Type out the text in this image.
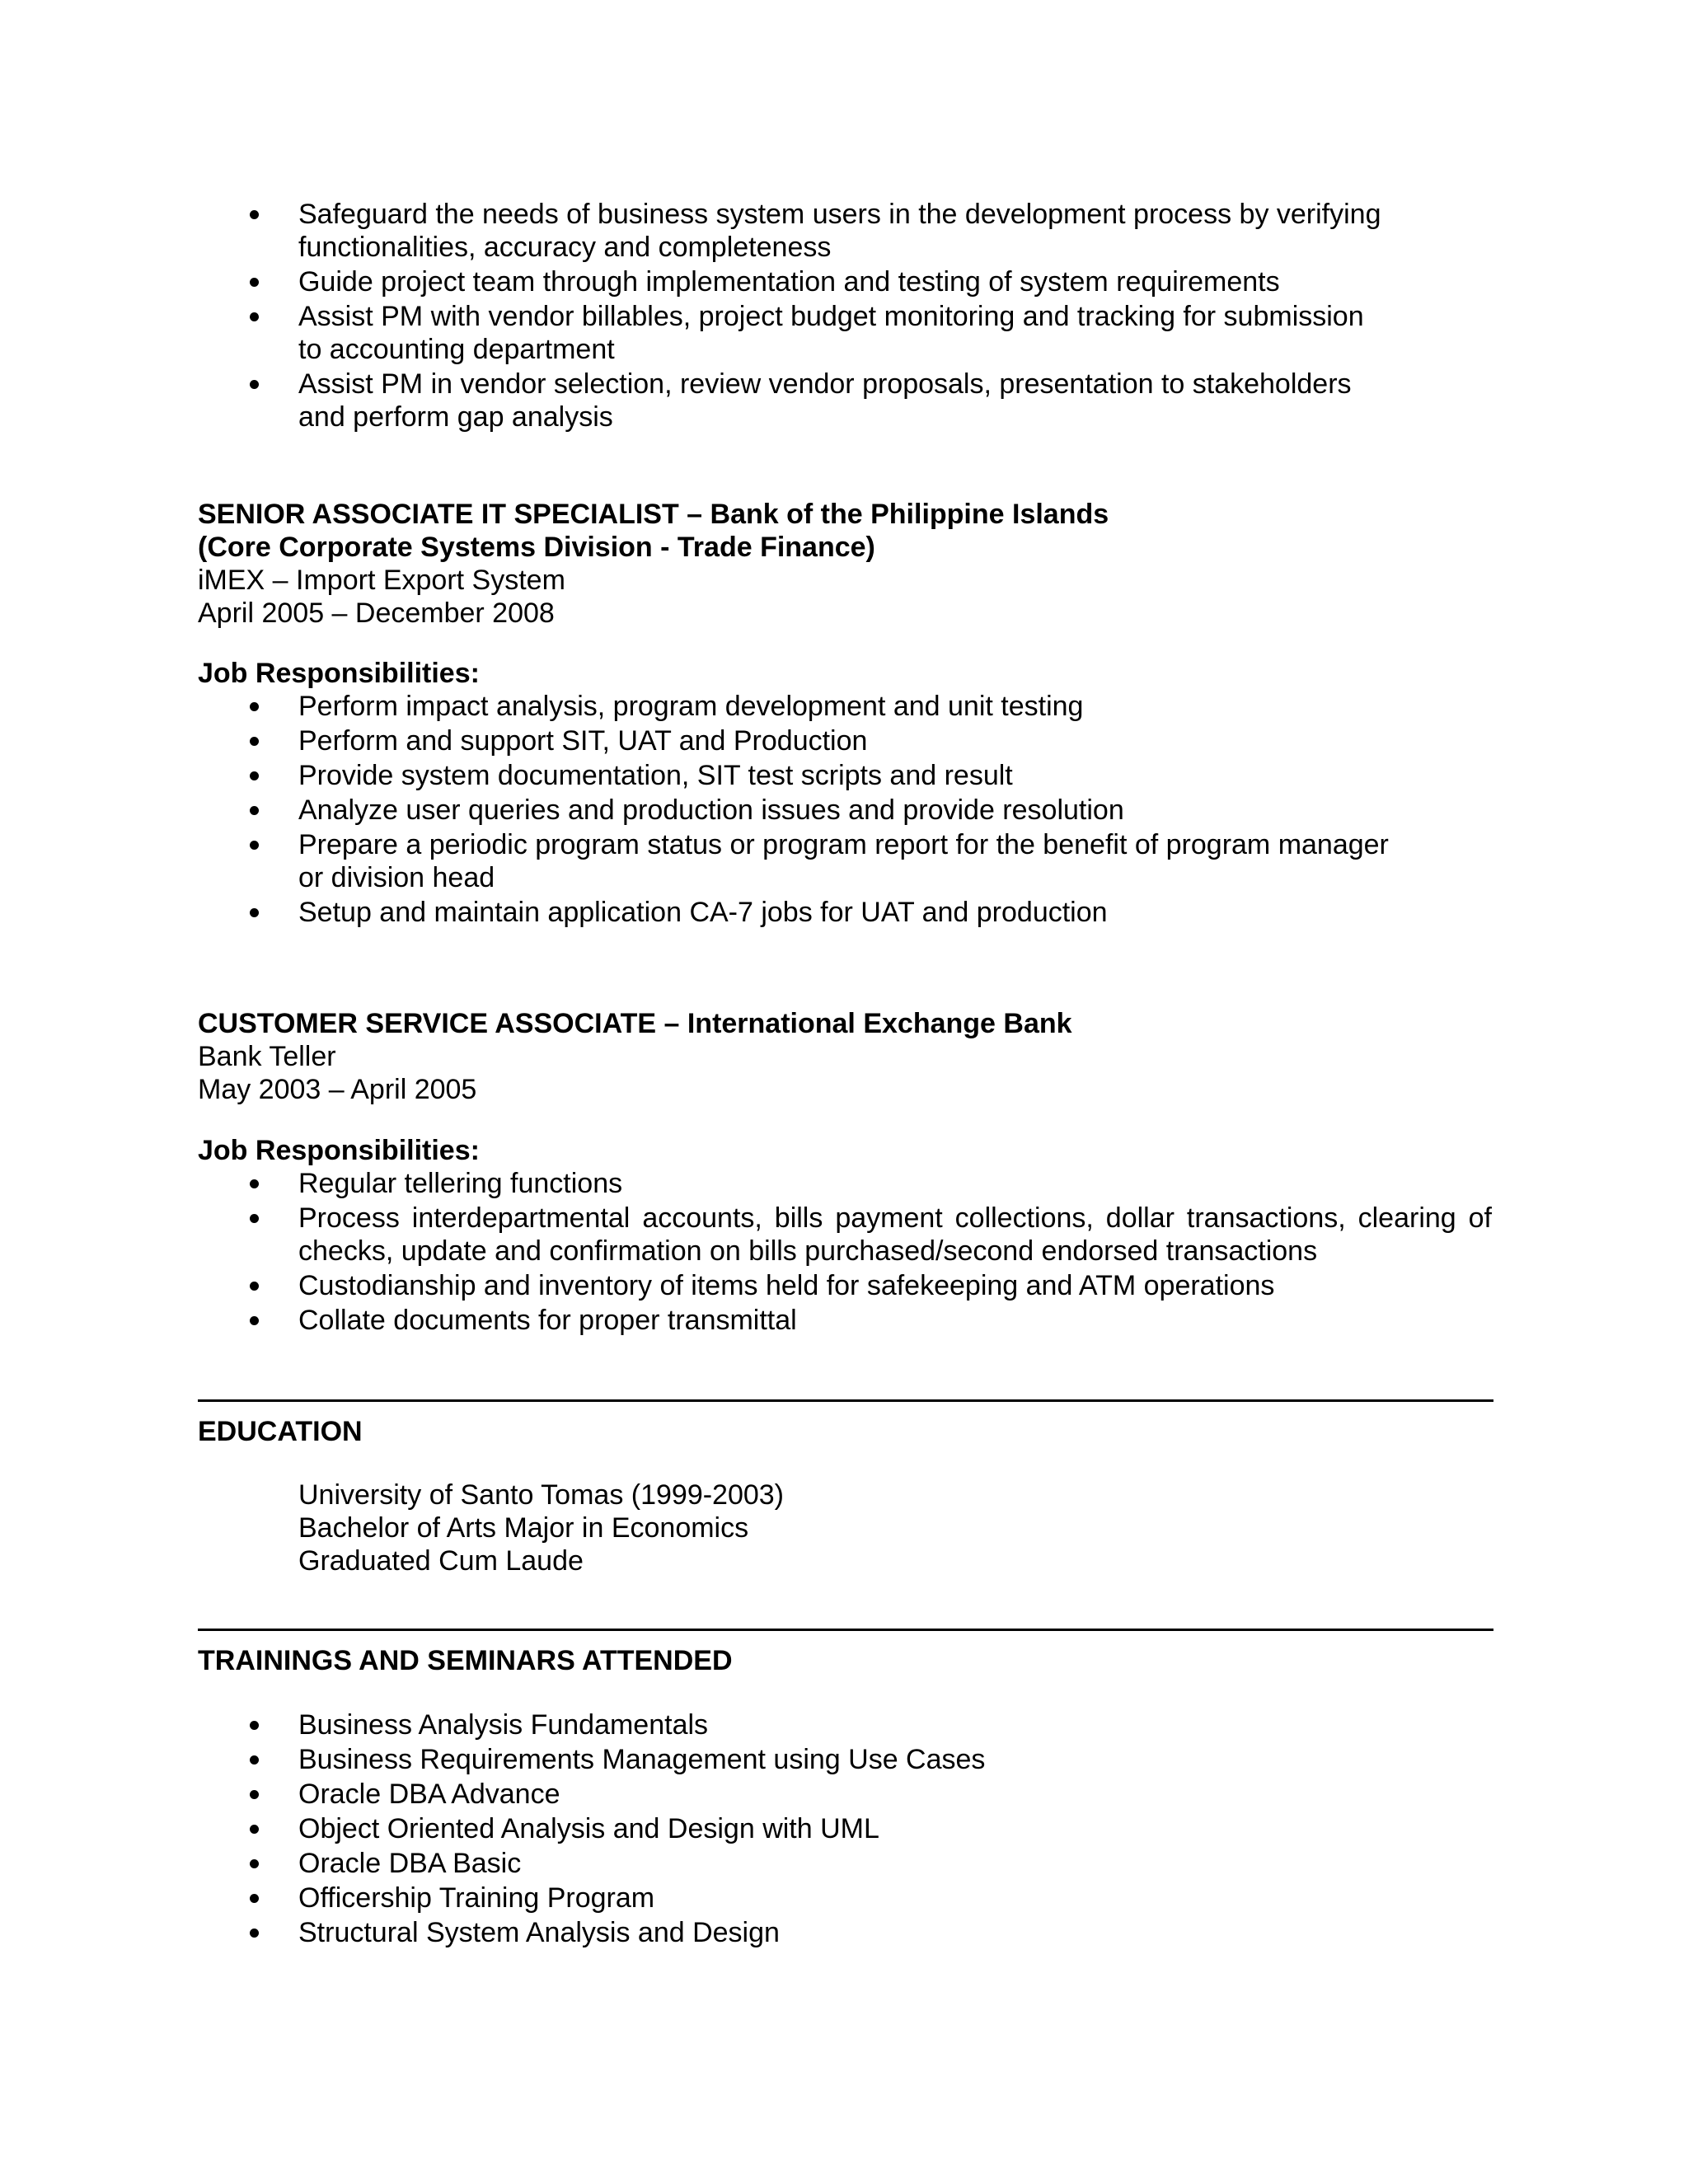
Safeguard the needs of business system users in the development process by verifying functionalities, accuracy and completeness
Guide project team through implementation and testing of system requirements
Assist PM with vendor billables, project budget monitoring and tracking for submission to accounting department
Assist PM in vendor selection, review vendor proposals, presentation to stakeholders and perform gap analysis

SENIOR ASSOCIATE IT SPECIALIST – Bank of the Philippine Islands

(Core Corporate Systems Division - Trade Finance)

iMEX – Import Export System

April 2005 – December 2008

Job Responsibilities:

Perform impact analysis, program development and unit testing
Perform and support SIT, UAT and Production
Provide system documentation, SIT test scripts and result
Analyze user queries and production issues and provide resolution
Prepare a periodic program status or program report for the benefit of program manager or division head
Setup and maintain application CA-7 jobs for UAT and production

CUSTOMER SERVICE ASSOCIATE – International Exchange Bank

Bank Teller

May 2003 – April 2005

Job Responsibilities:

Regular tellering functions
Process interdepartmental accounts, bills payment collections, dollar transactions, clearing of checks, update and confirmation on bills purchased/second endorsed transactions
Custodianship and inventory of items held for safekeeping and ATM operations
Collate documents for proper transmittal

EDUCATION

University of Santo Tomas (1999-2003)

Bachelor of Arts Major in Economics

Graduated Cum Laude

TRAININGS AND SEMINARS ATTENDED

Business Analysis Fundamentals
Business Requirements Management using Use Cases
Oracle DBA Advance
Object Oriented Analysis and Design with UML
Oracle DBA Basic
Officership Training Program
Structural System Analysis and Design
